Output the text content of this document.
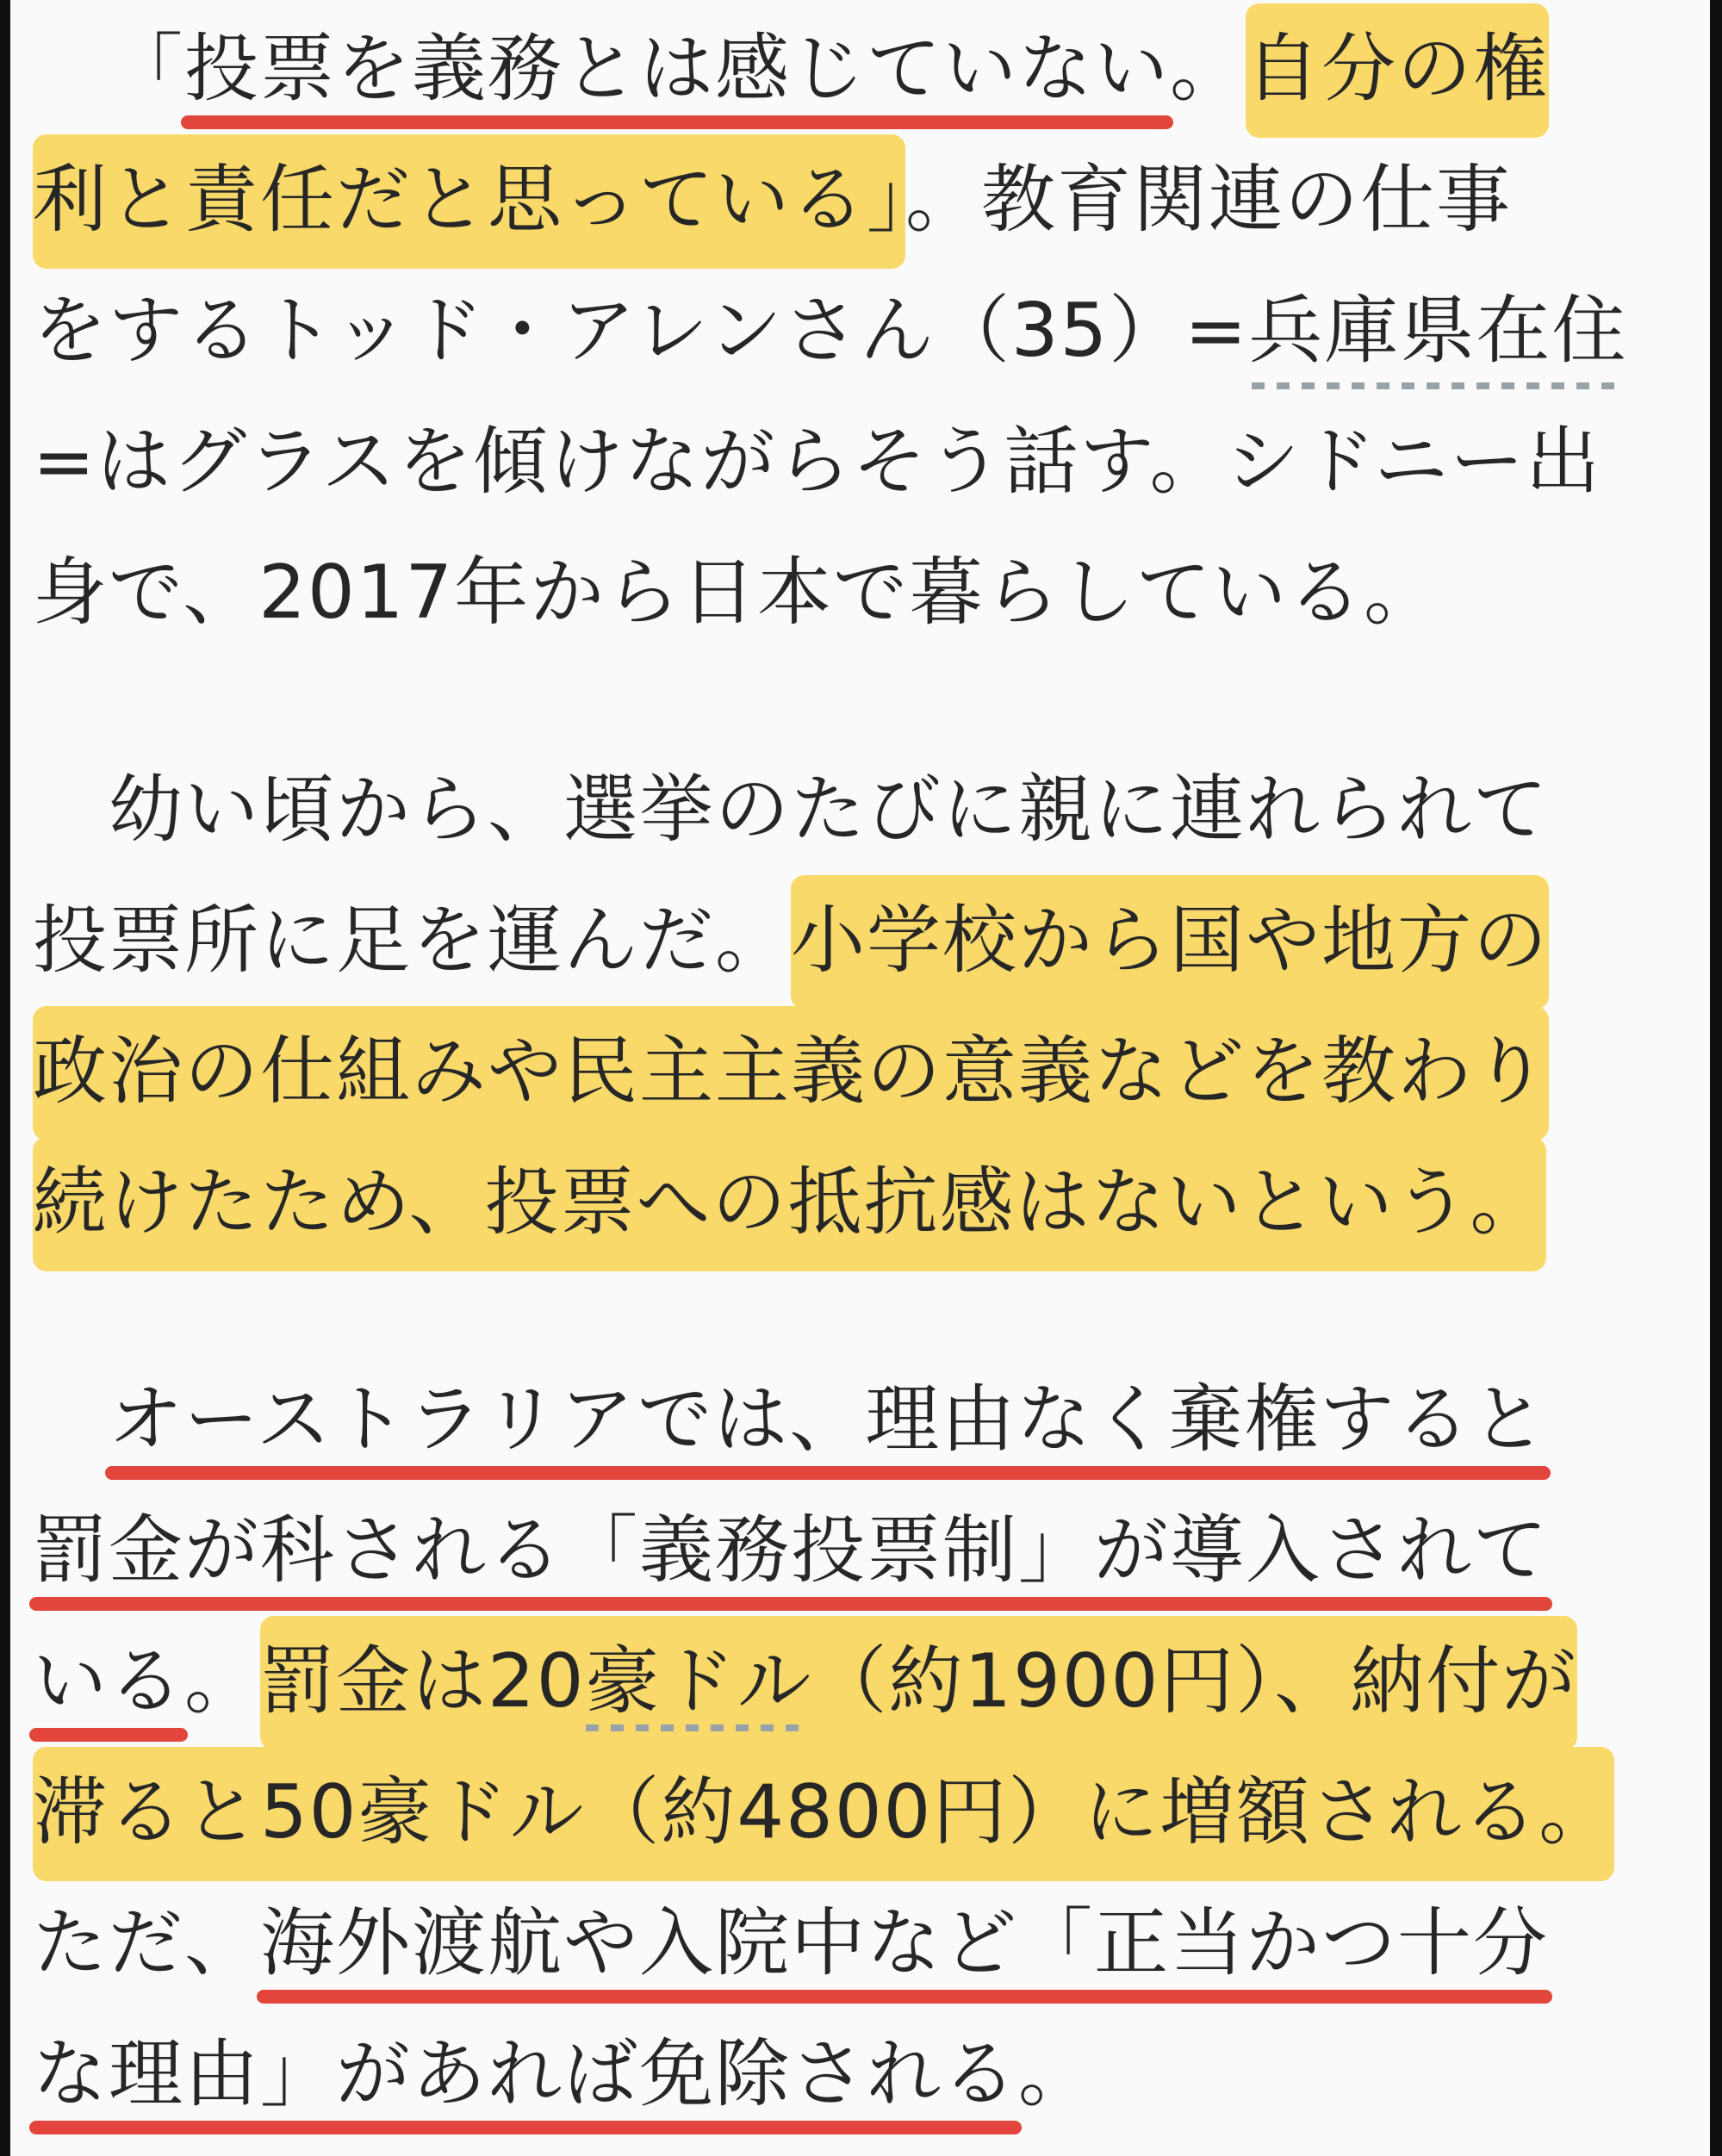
「投票を義務とは感じていない。自分の権
利と責任だと思っている」。教育関連の仕事
をするトッド・アレンさん（35）=兵庫県在住
=はグラスを傾けながらそう話す。シドニー出
身で、2017年から日本で暮らしている。
幼い頃から、選挙のたびに親に連れられて
投票所に足を運んだ。小学校から国や地方の
政治の仕組みや民主主義の意義などを教わり
続けたため、投票への抵抗感はないという。
オーストラリアでは、理由なく棄権すると
罰金が科される「義務投票制」が導入されて
いる。罰金は20豪ドル（約1900円）、納付が
滞ると50豪ドル（約4800円）に増額される。
ただ、海外渡航や入院中など「正当かつ十分
な理由」があれば免除される。
